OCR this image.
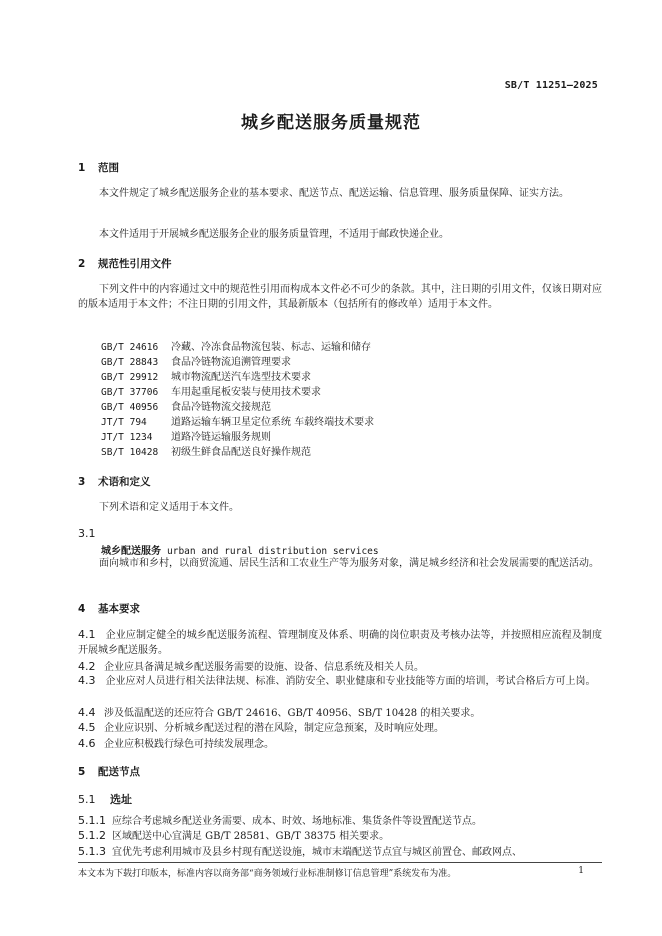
SB/T 11251—2025
城乡配送服务质量规范
1 范围
本文件规定了城乡配送服务企业的基本要求、配送节点、配送运输、信息管理、服务质量保障、证实方法。
本文件适用于开展城乡配送服务企业的服务质量管理，不适用于邮政快递企业。
2 规范性引用文件
下列文件中的内容通过文中的规范性引用而构成本文件必不可少的条款。其中，注日期的引用文件，仅该日期对应的版本适用于本文件；不注日期的引用文件，其最新版本（包括所有的修改单）适用于本文件。
GB/T 24616 冷藏、冷冻食品物流包装、标志、运输和储存
GB/T 28843 食品冷链物流追溯管理要求
GB/T 29912 城市物流配送汽车选型技术要求
GB/T 37706 车用起重尾板安装与使用技术要求
GB/T 40956 食品冷链物流交接规范
JT/T 794 道路运输车辆卫星定位系统 车载终端技术要求
JT/T 1234 道路冷链运输服务规则
SB/T 10428 初级生鲜食品配送良好操作规范
3 术语和定义
下列术语和定义适用于本文件。
3.1
城乡配送服务 urban and rural distribution services
面向城市和乡村，以商贸流通、居民生活和工农业生产等为服务对象，满足城乡经济和社会发展需要的配送活动。
4 基本要求
4.1 企业应制定健全的城乡配送服务流程、管理制度及体系、明确的岗位职责及考核办法等，并按照相应流程及制度开展城乡配送服务。
4.2 企业应具备满足城乡配送服务需要的设施、设备、信息系统及相关人员。
4.3 企业应对人员进行相关法律法规、标准、消防安全、职业健康和专业技能等方面的培训，考试合格后方可上岗。
4.4 涉及低温配送的还应符合 GB/T 24616、GB/T 40956、SB/T 10428 的相关要求。
4.5 企业应识别、分析城乡配送过程的潜在风险，制定应急预案，及时响应处理。
4.6 企业应积极践行绿色可持续发展理念。
5 配送节点
5.1 选址
5.1.1 应综合考虑城乡配送业务需要、成本、时效、场地标准、集货条件等设置配送节点。
5.1.2 区域配送中心宜满足 GB/T 28581、GB/T 38375 相关要求。
5.1.3 宜优先考虑利用城市及县乡村现有配送设施，城市末端配送节点宜与城区前置仓、邮政网点、
本文本为下载打印版本，标准内容以商务部“商务领域行业标准制修订信息管理”系统发布为准。	1
